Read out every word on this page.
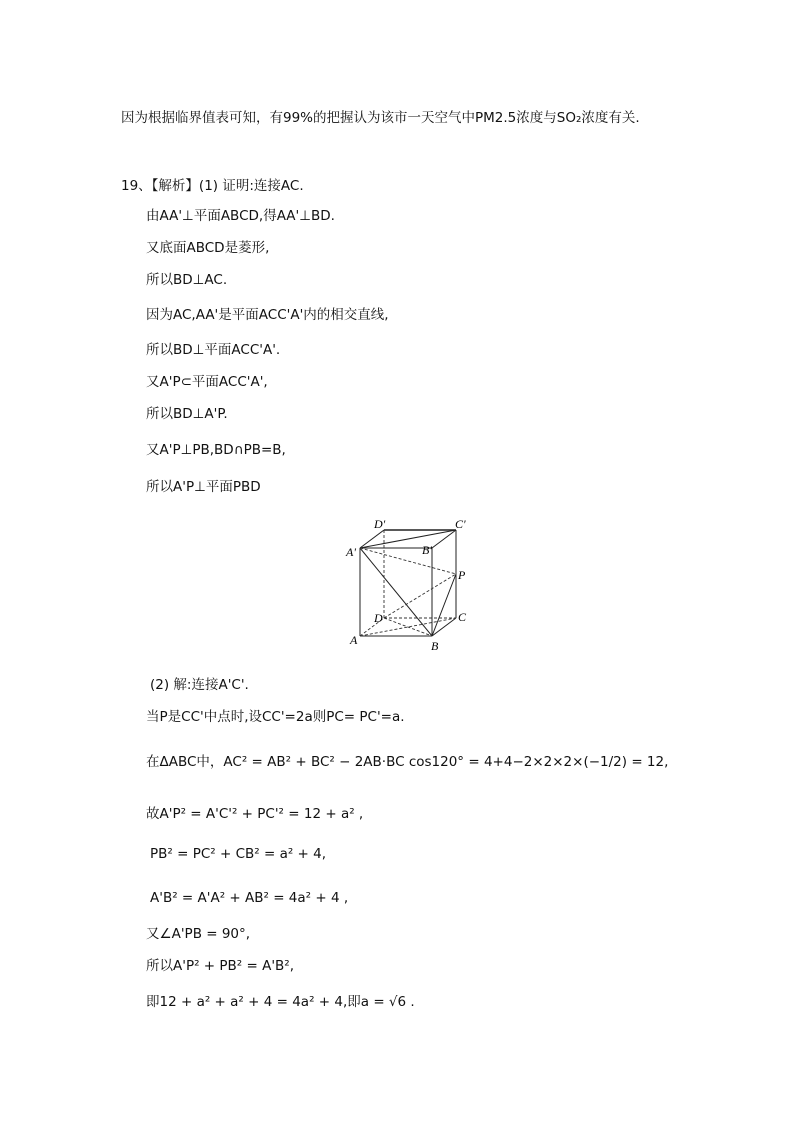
因为根据临界值表可知，有99%的把握认为该市一天空气中PM2.5浓度与SO₂浓度有关.
19、【解析】(1) 证明:连接AC.
由AA'⊥平面ABCD,得AA'⊥BD.
又底面ABCD是菱形,
所以BD⊥AC.
因为AC,AA'是平面ACC'A'内的相交直线,
所以BD⊥平面ACC'A'.
又A'P⊂平面ACC'A',
所以BD⊥A'P.
又A'P⊥PB,BD∩PB=B,
所以A'P⊥平面PBD
D'	C'
A'	B'
P
D	C
A	B
(2) 解:连接A'C'.
当P是CC'中点时,设CC'=2a则PC= PC'=a.
在ΔABC中，AC² = AB² + BC² − 2AB·BC cos120° = 4+4−2×2×2×(−1/2) = 12,
故A'P² = A'C'² + PC'² = 12 + a² ,
PB² = PC² + CB² = a² + 4,
A'B² = A'A² + AB² = 4a² + 4 ,
又∠A'PB = 90°,
所以A'P² + PB² = A'B²,
即12 + a² + a² + 4 = 4a² + 4,即a = √6 .
